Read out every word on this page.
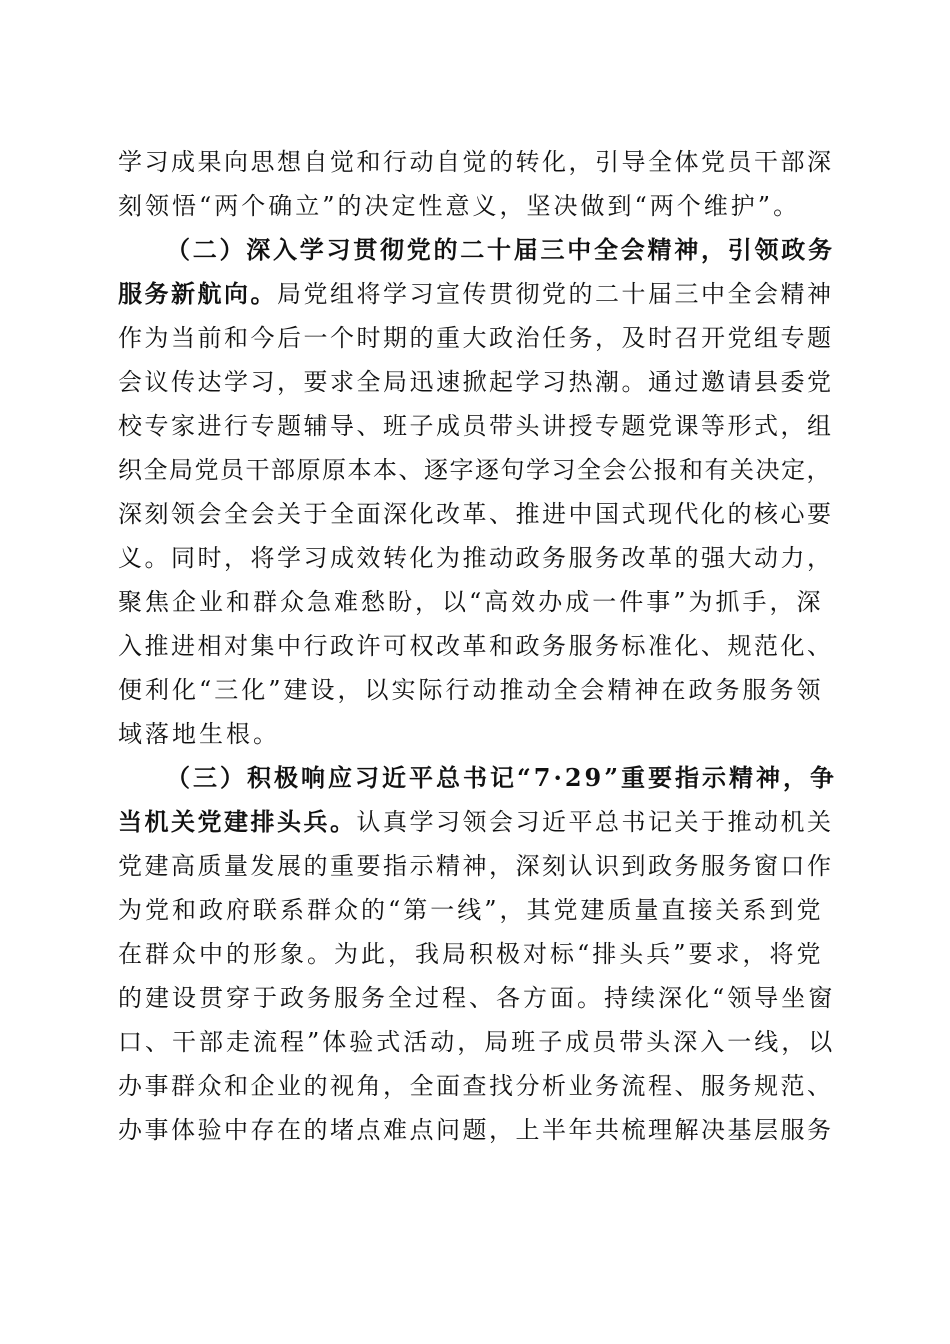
学习成果向思想自觉和行动自觉的转化，引导全体党员干部深
刻领悟“两个确立”的决定性意义，坚决做到“两个维护”。
（二）深入学习贯彻党的二十届三中全会精神，引领政务
服务新航向。局党组将学习宣传贯彻党的二十届三中全会精神
作为当前和今后一个时期的重大政治任务，及时召开党组专题
会议传达学习，要求全局迅速掀起学习热潮。通过邀请县委党
校专家进行专题辅导、班子成员带头讲授专题党课等形式，组
织全局党员干部原原本本、逐字逐句学习全会公报和有关决定，
深刻领会全会关于全面深化改革、推进中国式现代化的核心要
义。同时，将学习成效转化为推动政务服务改革的强大动力，
聚焦企业和群众急难愁盼，以“高效办成一件事”为抓手，深
入推进相对集中行政许可权改革和政务服务标准化、规范化、
便利化“三化”建设，以实际行动推动全会精神在政务服务领
域落地生根。
（三）积极响应习近平总书记“7·29”重要指示精神，争
当机关党建排头兵。认真学习领会习近平总书记关于推动机关
党建高质量发展的重要指示精神，深刻认识到政务服务窗口作
为党和政府联系群众的“第一线”，其党建质量直接关系到党
在群众中的形象。为此，我局积极对标“排头兵”要求，将党
的建设贯穿于政务服务全过程、各方面。持续深化“领导坐窗
口、干部走流程”体验式活动，局班子成员带头深入一线，以
办事群众和企业的视角，全面查找分析业务流程、服务规范、
办事体验中存在的堵点难点问题，上半年共梳理解决基层服务
